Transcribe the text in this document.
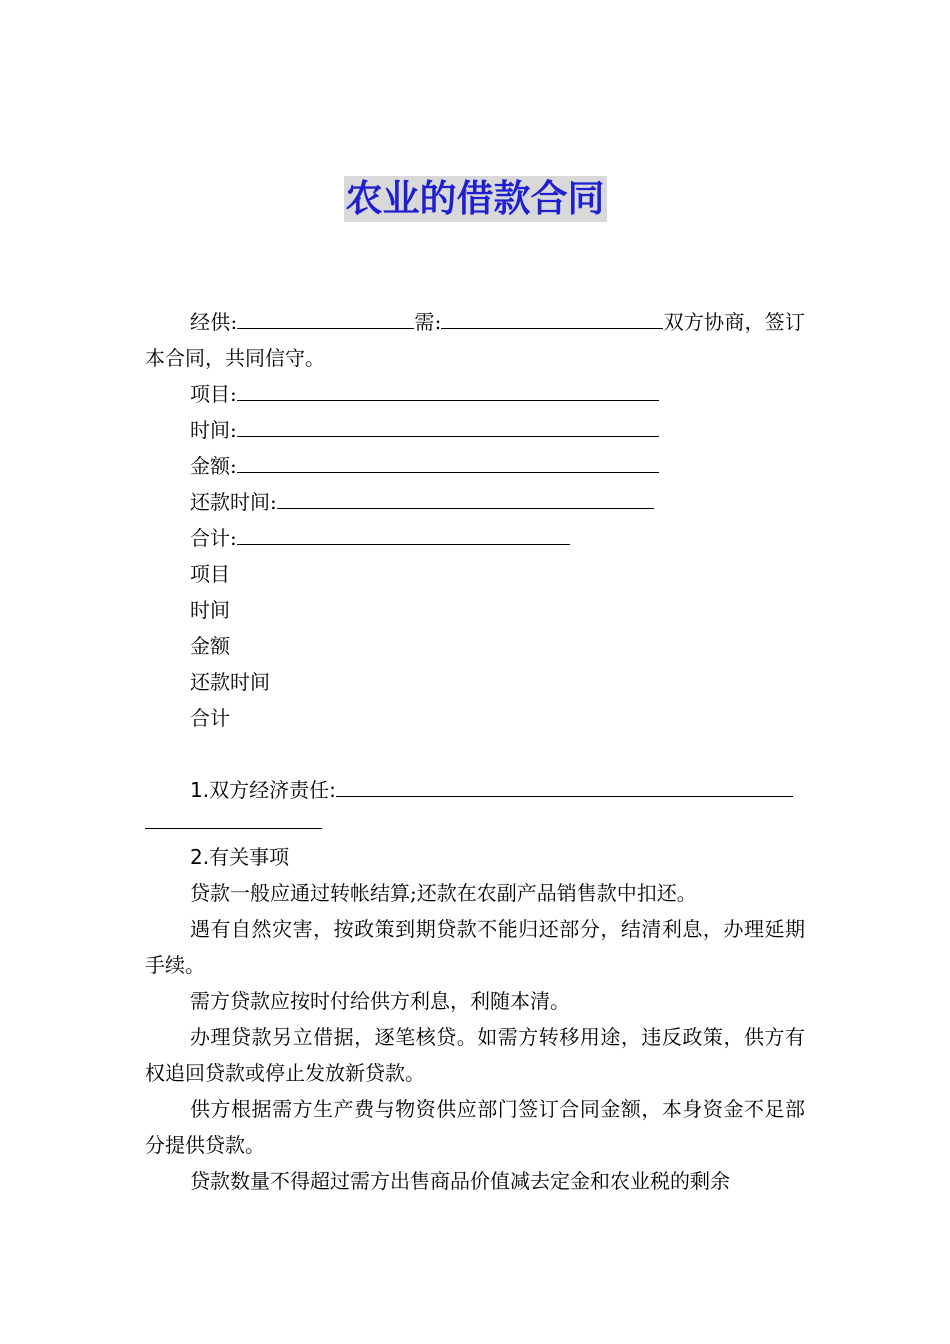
农业的借款合同

经供:	需:	双方协商，签订本合同，共同信守。

项目:

时间:

金额:

还款时间:

合计:

项目

时间

金额

还款时间

合计

1.双方经济责任:

2.有关事项

贷款一般应通过转帐结算;还款在农副产品销售款中扣还。

遇有自然灾害，按政策到期贷款不能归还部分，结清利息，办理延期手续。

需方贷款应按时付给供方利息，利随本清。

办理贷款另立借据，逐笔核贷。如需方转移用途，违反政策，供方有权追回贷款或停止发放新贷款。

供方根据需方生产费与物资供应部门签订合同金额，本身资金不足部分提供贷款。

贷款数量不得超过需方出售商品价值减去定金和农业税的剩余
